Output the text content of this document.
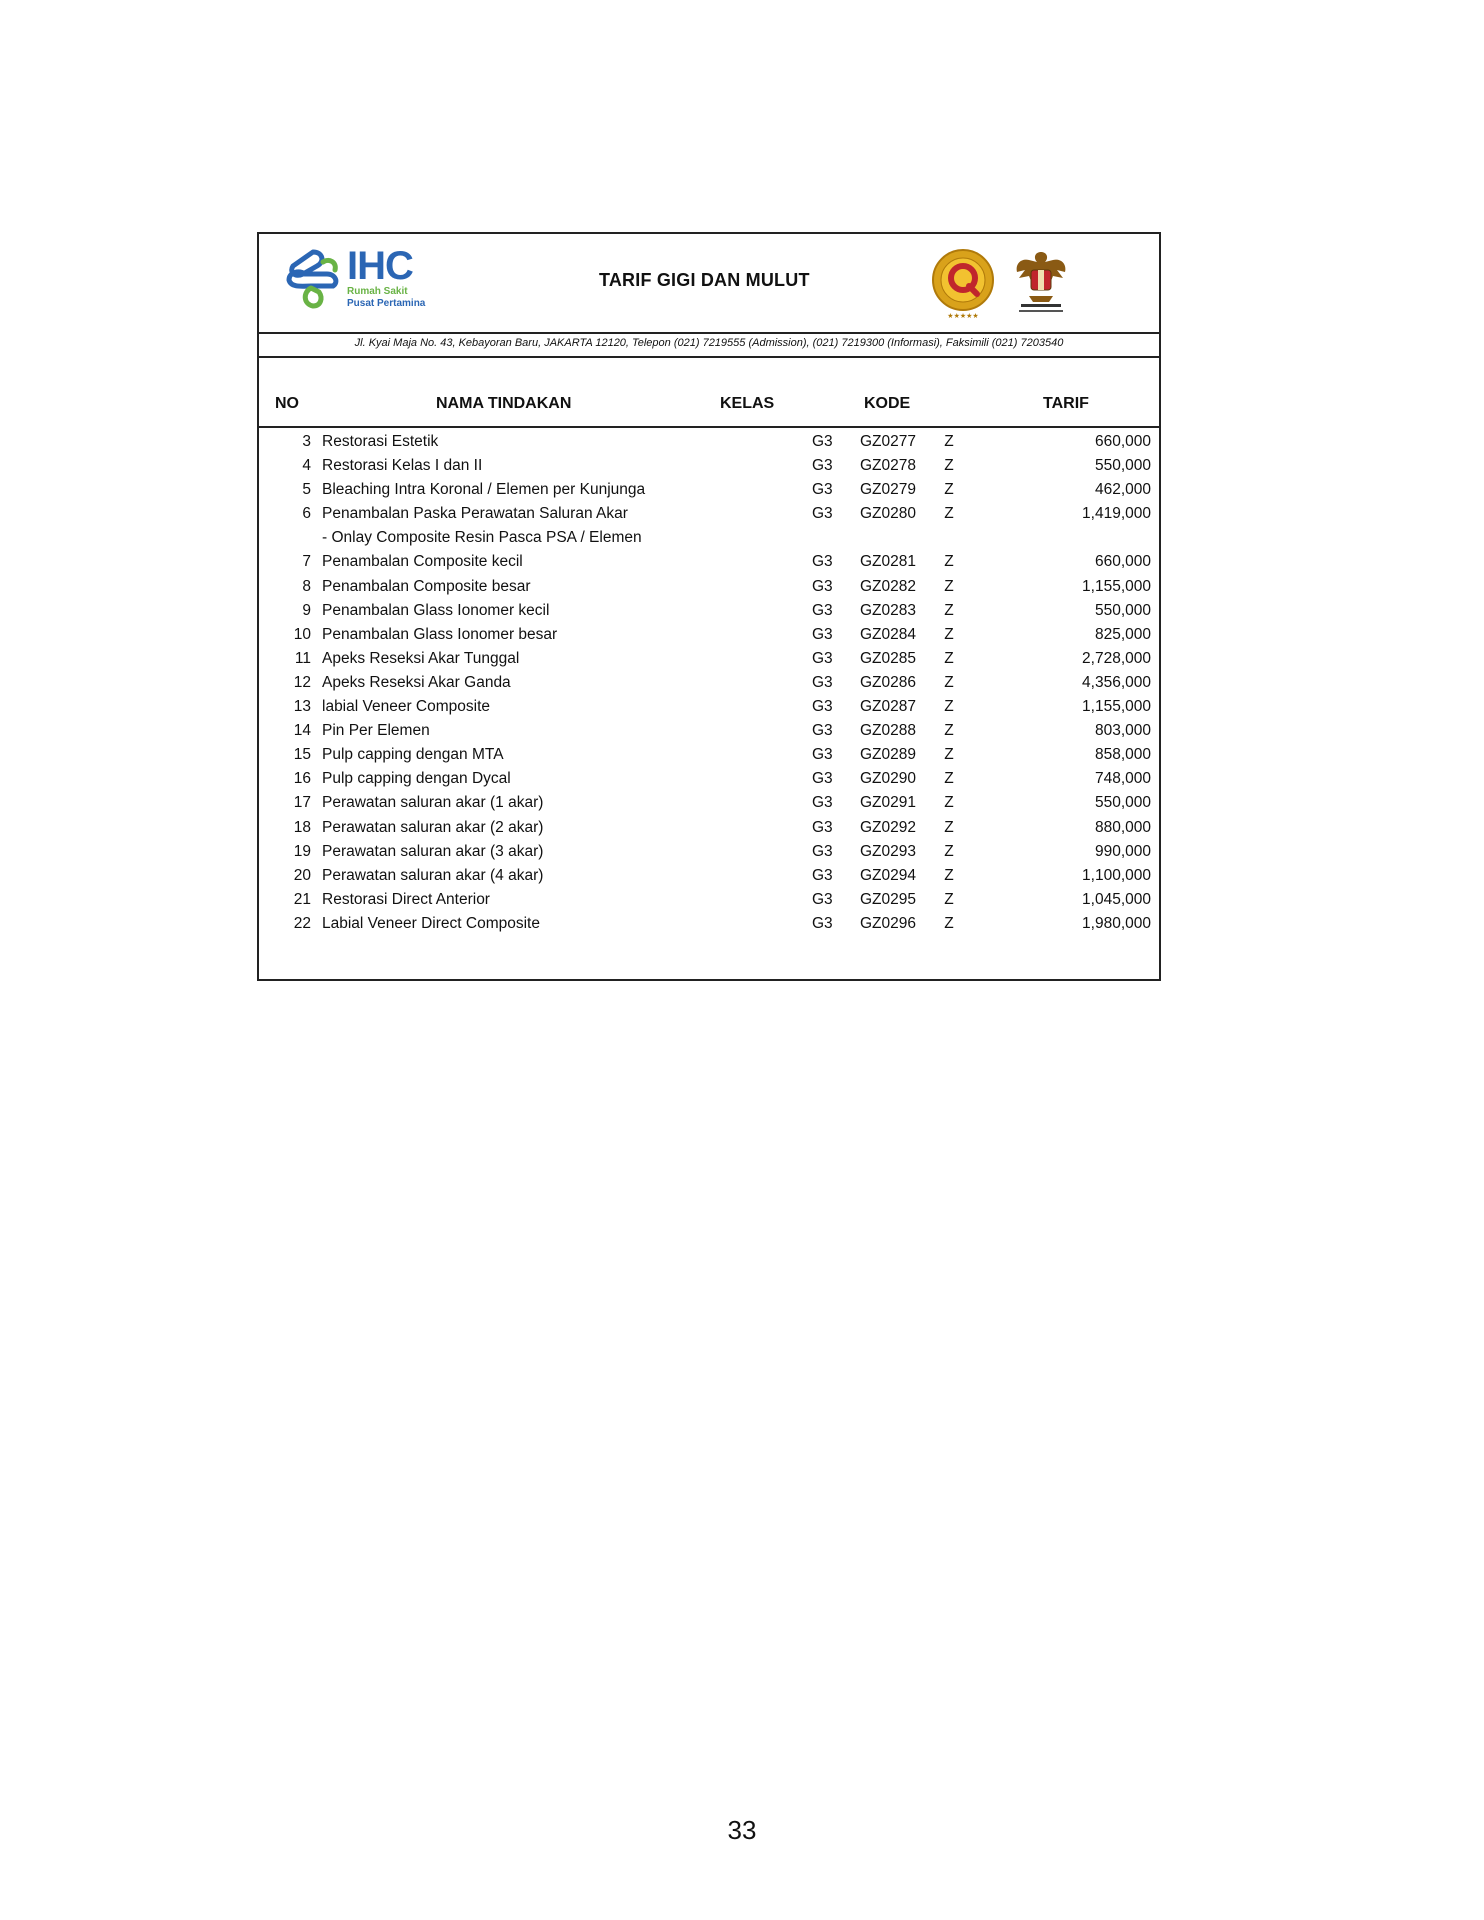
IHC
Rumah Sakit
Pusat Pertamina
TARIF GIGI DAN MULUT
★★★★★
Jl. Kyai Maja No. 43, Kebayoran Baru, JAKARTA 12120, Telepon (021) 7219555 (Admission), (021) 7219300 (Informasi), Faksimili (021) 7203540
NO	NAMA TINDAKAN	KELAS	KODE	TARIF
3 Restorasi Estetik	G3	GZ0277	Z	660,000
4 Restorasi Kelas I dan II	G3	GZ0278	Z	550,000
5 Bleaching Intra Koronal / Elemen per Kunjunga	G3	GZ0279	Z	462,000
6 Penambalan Paska Perawatan Saluran Akar	G3	GZ0280	Z	1,419,000
- Onlay Composite Resin Pasca PSA / Elemen
7 Penambalan Composite kecil	G3	GZ0281	Z	660,000
8 Penambalan Composite besar	G3	GZ0282	Z	1,155,000
9 Penambalan Glass Ionomer kecil	G3	GZ0283	Z	550,000
10 Penambalan Glass Ionomer besar	G3	GZ0284	Z	825,000
11 Apeks Reseksi Akar Tunggal	G3	GZ0285	Z	2,728,000
12 Apeks Reseksi Akar Ganda	G3	GZ0286	Z	4,356,000
13 labial Veneer Composite	G3	GZ0287	Z	1,155,000
14 Pin Per Elemen	G3	GZ0288	Z	803,000
15 Pulp capping dengan MTA	G3	GZ0289	Z	858,000
16 Pulp capping dengan Dycal	G3	GZ0290	Z	748,000
17 Perawatan saluran akar (1 akar)	G3	GZ0291	Z	550,000
18 Perawatan saluran akar (2 akar)	G3	GZ0292	Z	880,000
19 Perawatan saluran akar (3 akar)	G3	GZ0293	Z	990,000
20 Perawatan saluran akar (4 akar)	G3	GZ0294	Z	1,100,000
21 Restorasi Direct Anterior	G3	GZ0295	Z	1,045,000
22 Labial Veneer Direct Composite	G3	GZ0296	Z	1,980,000
33
